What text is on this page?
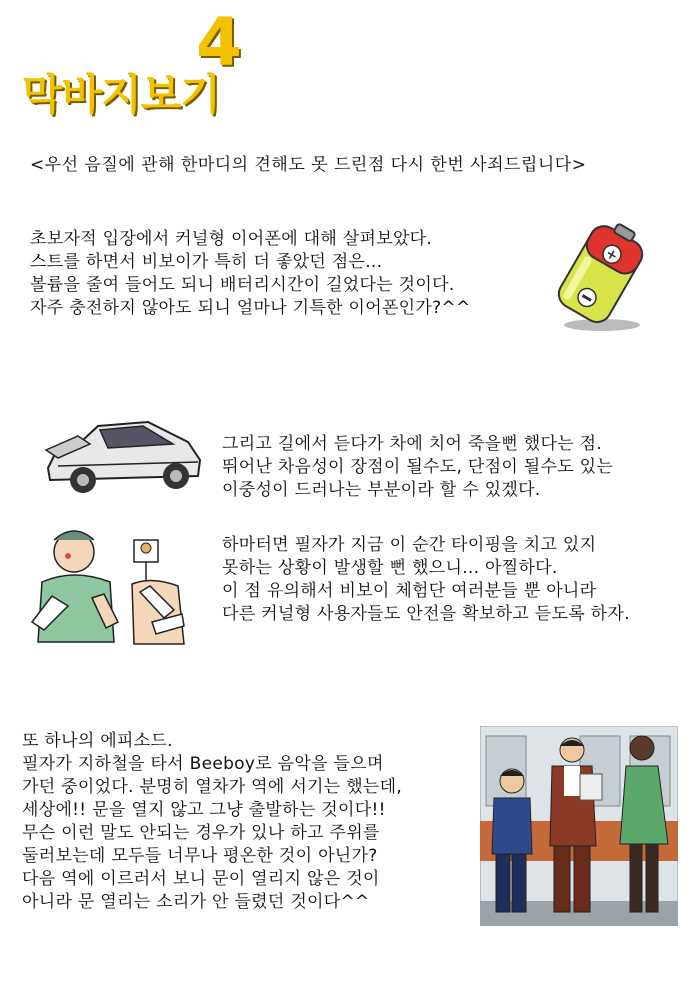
막바지보기
4
<우선 음질에 관해 한마디의 견해도 못 드린점 다시 한번 사죄드립니다>
초보자적 입장에서 커널형 이어폰에 대해 살펴보았다.
스트를 하면서 비보이가 특히 더 좋았던 점은...
볼륨을 줄여 들어도 되니 배터리시간이 길었다는 것이다.
자주 충전하지 않아도 되니 얼마나 기특한 이어폰인가?^^
+
그리고 길에서 듣다가 차에 치어 죽을뻔 했다는 점.
뛰어난 차음성이 장점이 될수도, 단점이 될수도 있는
이중성이 드러나는 부분이라 할 수 있겠다.
하마터면 필자가 지금 이 순간 타이핑을 치고 있지
못하는 상황이 발생할 뻔 했으니... 아찔하다.
이 점 유의해서 비보이 체험단 여러분들 뿐 아니라
다른 커널형 사용자들도 안전을 확보하고 듣도록 하자.
또 하나의 에피소드.
필자가 지하철을 타서 Beeboy로 음악을 들으며
가던 중이었다. 분명히 열차가 역에 서기는 했는데,
세상에!! 문을 열지 않고 그냥 출발하는 것이다!!
무슨 이런 말도 안되는 경우가 있나 하고 주위를
둘러보는데 모두들 너무나 평온한 것이 아닌가?
다음 역에 이르러서 보니 문이 열리지 않은 것이
아니라 문 열리는 소리가 안 들렸던 것이다^^
